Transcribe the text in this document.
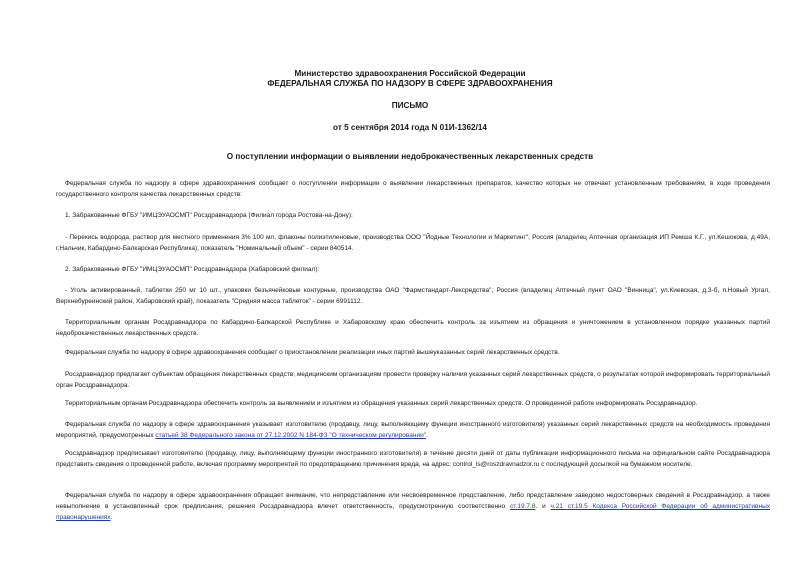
Министерство здравоохранения Российской Федерации
ФЕДЕРАЛЬНАЯ СЛУЖБА ПО НАДЗОРУ В СФЕРЕ ЗДРАВООХРАНЕНИЯ
ПИСЬМО
от 5 сентября 2014 года N 01И-1362/14
О поступлении информации о выявлении недоброкачественных лекарственных средств
Федеральная служба по надзору в сфере здравоохранения сообщает о поступлении информации о выявлении лекарственных препаратов, качество которых не отвечает установленным требованиям, в ходе проведения государственного контроля качества лекарственных средств:
1. Забракованные ФГБУ "ИМЦЭУАОСМП" Росздравнадзора (Филиал города Ростова-на-Дону):
- Перекись водорода, раствор для местного применения 3% 100 мл, флаконы полиэтиленовые, производства ООО "Йодные Технологии и Маркетинг", Россия (владелец Аптечная организация ИП Ремша К.Г., ул.Кешокова, д.49А, г.Нальчик, Кабардино-Балкарская Республика), показатель "Номинальный объем" - серии 840514.
2. Забракованные ФГБУ "ИМЦЭУАОСМП" Росздравнадзора (Хабаровский филиал):
- Уголь активированный, таблетки 250 мг 10 шт., упаковки безъячейковые контурные, производства ОАО "Фармстандарт-Лексредства", Россия (владелец Аптечный пункт ОАО "Винница", ул.Киевская, д.3-б, п.Новый Ургал, Верхнебуреинский район, Хабаровский край), показатель "Средняя масса таблеток" - серии 6991112.
Территориальным органам Росздравнадзора по Кабардино-Балкарской Республике и Хабаровскому краю обеспечить контроль за изъятием из обращения и уничтожением в установленном порядке указанных партий недоброкачественных лекарственных средств.
Федеральная служба по надзору в сфере здравоохранения сообщает о приостановлении реализации иных партий вышеуказанных серий лекарственных средств.
Росздравнадзор предлагает субъектам обращения лекарственных средств, медицинским организациям провести проверку наличия указанных серий лекарственных средств, о результатах которой информировать территориальный орган Росздравнадзора.
Территориальным органам Росздравнадзора обеспечить контроль за выявлением и изъятием из обращения указанных серий лекарственных средств. О проведенной работе информировать Росздравнадзор.
Федеральная служба по надзору в сфере здравоохранения указывает изготовителю (продавцу, лицу, выполняющему функции иностранного изготовителя) указанных серий лекарственных средств на необходимость проведения мероприятий, предусмотренных статьей 38 Федерального закона от 27.12.2002 N 184-ФЗ "О техническом регулировании".
Росздравнадзор предписывает изготовителю (продавцу, лицу, выполняющему функции иностранного изготовителя) в течение десяти дней от даты публикации информационного письма на официальном сайте Росздравнадзора представить сведения о проведенной работе, включая программу мероприятий по предотвращению причинения вреда, на адрес: control_ls@roszdravnadzor.ru с последующей досылкой на бумажном носителе.
Федеральная служба по надзору в сфере здравоохранения обращает внимание, что непредставление или несвоевременное представление, либо представление заведомо недостоверных сведений в Росздравнадзор, а также невыполнение в установленный срок предписания, решения Росздравнадзора влечет ответственность, предусмотренную соответственно ст.19.7.8. и ч.21 ст.19.5 Кодекса Российской Федерации об административных правонарушениях.
